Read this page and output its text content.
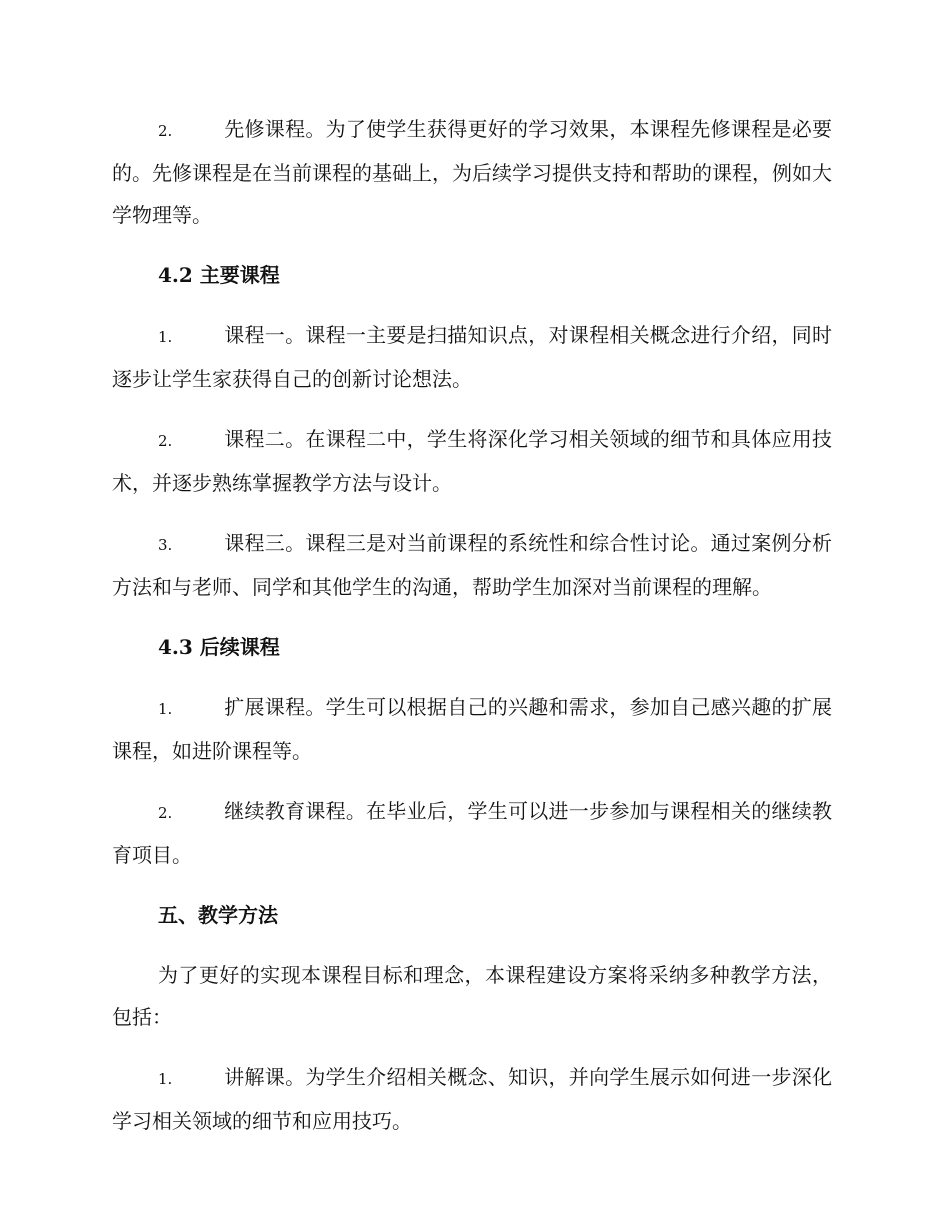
2.	先修课程。为了使学生获得更好的学习效果，本课程先修课程是必要的。先修课程是在当前课程的基础上，为后续学习提供支持和帮助的课程，例如大学物理等。

4.2 主要课程

1.	课程一。课程一主要是扫描知识点，对课程相关概念进行介绍，同时逐步让学生家获得自己的创新讨论想法。

2.	课程二。在课程二中，学生将深化学习相关领域的细节和具体应用技术，并逐步熟练掌握教学方法与设计。

3.	课程三。课程三是对当前课程的系统性和综合性讨论。通过案例分析方法和与老师、同学和其他学生的沟通，帮助学生加深对当前课程的理解。

4.3 后续课程

1.	扩展课程。学生可以根据自己的兴趣和需求，参加自己感兴趣的扩展课程，如进阶课程等。

2.	继续教育课程。在毕业后，学生可以进一步参加与课程相关的继续教育项目。

五、教学方法

为了更好的实现本课程目标和理念，本课程建设方案将采纳多种教学方法，包括：

1.	讲解课。为学生介绍相关概念、知识，并向学生展示如何进一步深化学习相关领域的细节和应用技巧。
